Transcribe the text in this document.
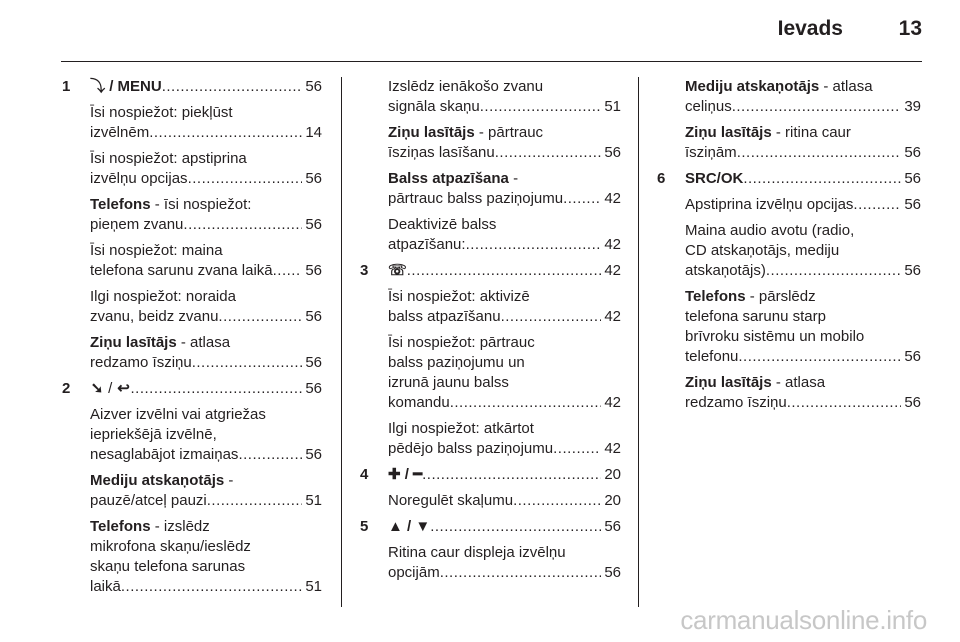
Ievads	13
1 ⤵ / MENU .....	56
Īsi nospiežot: piekļūst
izvēlnēm .....	14
Īsi nospiežot: apstiprina
izvēlņu opcijas .....	56
Telefons - īsi nospiežot:
pieņem zvanu .....	56
Īsi nospiežot: maina
telefona sarunu zvana laikā ..... 56
Ilgi nospiežot: noraida
zvanu, beidz zvanu .....	56
Ziņu lasītājs - atlasa
redzamo īsziņu .....	56
2 ➘ / ↩ .....	56
Aizver izvēlni vai atgriežas
iepriekšējā izvēlnē,
nesaglabājot izmaiņas .....	56
Mediju atskaņotājs -
pauzē/atceļ pauzi .....	51
Telefons - izslēdz
mikrofona skaņu/ieslēdz
skaņu telefona sarunas
laikā .....	51
Izslēdz ienākošo zvanu
signāla skaņu .....	51
Ziņu lasītājs - pārtrauc
īsziņas lasīšanu .....	56
Balss atpazīšana -
pārtrauc balss paziņojumu .....	42
Deaktivizē balss
atpazīšanu: .....	42
3 ☏ .....	42
Īsi nospiežot: aktivizē
balss atpazīšanu .....	42
Īsi nospiežot: pārtrauc
balss paziņojumu un
izrunā jaunu balss
komandu .....	42
Ilgi nospiežot: atkārtot
pēdējo balss paziņojumu .....	42
4 ✚ / ━ .....	20
Noregulēt skaļumu .....	20
5 ▲ / ▼ .....	56
Ritina caur displeja izvēlņu
opcijām .....	56
Mediju atskaņotājs - atlasa
celiņus .....	39
Ziņu lasītājs - ritina caur
īsziņām .....	56
6 SRC/OK .....	56
Apstiprina izvēlņu opcijas .....	56
Maina audio avotu (radio,
CD atskaņotājs, mediju
atskaņotājs) .....	56
Telefons - pārslēdz
telefona sarunu starp
brīvroku sistēmu un mobilo
telefonu .....	56
Ziņu lasītājs - atlasa
redzamo īsziņu .....	56
carmanualsonline.info
